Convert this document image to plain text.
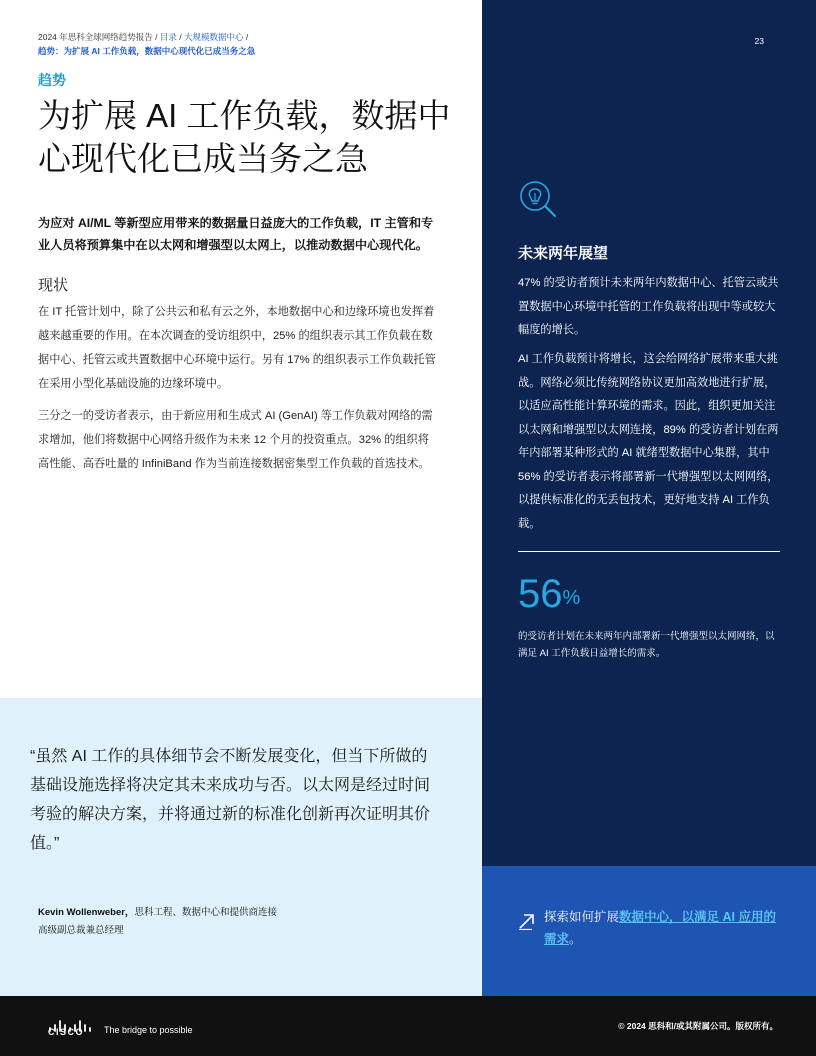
2024 年思科全球网络趋势报告 / 目录 / 大规模数据中心 /
趋势：为扩展 AI 工作负载，数据中心现代化已成当务之急
趋势
为扩展 AI 工作负载，数据中心现代化已成当务之急

为应对 AI/ML 等新型应用带来的数据量日益庞大的工作负载，IT 主管和专业人员将预算集中在以太网和增强型以太网上，以推动数据中心现代化。

现状

在 IT 托管计划中，除了公共云和私有云之外，本地数据中心和边缘环境也发挥着越来越重要的作用。在本次调查的受访组织中，25% 的组织表示其工作负载在数据中心、托管云或共置数据中心环境中运行。另有 17% 的组织表示工作负载托管在采用小型化基础设施的边缘环境中。

三分之一的受访者表示，由于新应用和生成式 AI (GenAI) 等工作负载对网络的需求增加，他们将数据中心网络升级作为未来 12 个月的投资重点。32% 的组织将高性能、高吞吐量的 InfiniBand 作为当前连接数据密集型工作负载的首选技术。

23
未来两年展望

47% 的受访者预计未来两年内数据中心、托管云或共置数据中心环境中托管的工作负载将出现中等或较大幅度的增长。

AI 工作负载预计将增长，这会给网络扩展带来重大挑战。网络必须比传统网络协议更加高效地进行扩展，以适应高性能计算环境的需求。因此，组织更加关注以太网和增强型以太网连接，89% 的受访者计划在两年内部署某种形式的 AI 就绪型数据中心集群，其中 56% 的受访者表示将部署新一代增强型以太网网络，以提供标准化的无丢包技术，更好地支持 AI 工作负载。

56%

的受访者计划在未来两年内部署新一代增强型以太网网络，以满足 AI 工作负载日益增长的需求。

“虽然 AI 工作的具体细节会不断发展变化，但当下所做的基础设施选择将决定其未来成功与否。以太网是经过时间考验的解决方案，并将通过新的标准化创新再次证明其价值。”

Kevin Wollenweber，思科工程、数据中心和提供商连接
高级副总裁兼总经理

探索如何扩展数据中心，以满足 AI 应用的需求。

CISCO The bridge to possible	© 2024 思科和/或其附属公司。版权所有。
